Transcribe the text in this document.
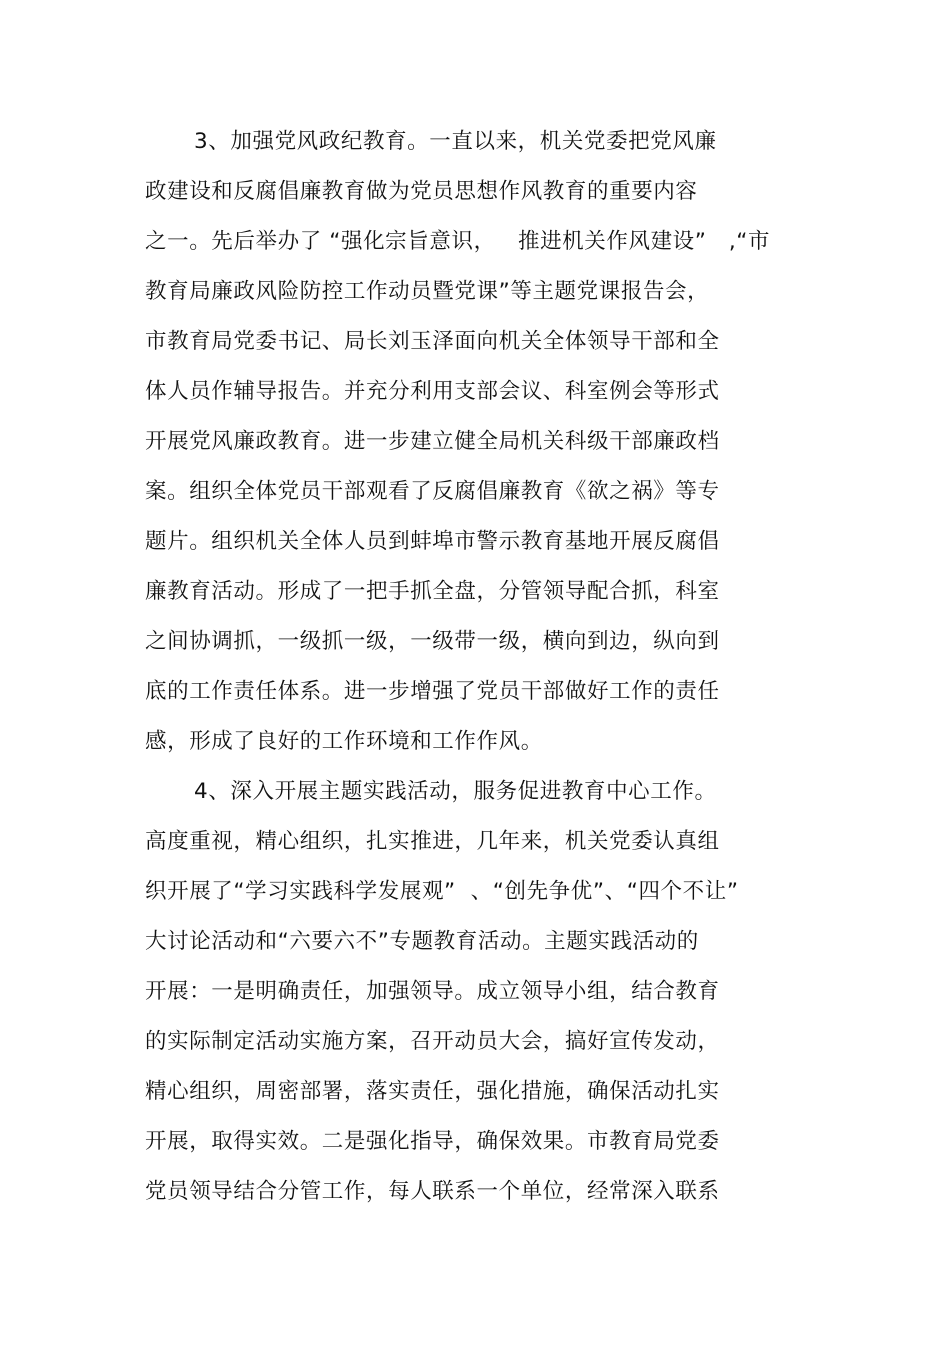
3、加强党风政纪教育。一直以来，机关党委把党风廉
政建设和反腐倡廉教育做为党员思想作风教育的重要内容
之一。先后举办了 “强化宗旨意识，   推进机关作风建设”   ,“市
教育局廉政风险防控工作动员暨党课”等主题党课报告会，
市教育局党委书记、局长刘玉泽面向机关全体领导干部和全
体人员作辅导报告。并充分利用支部会议、科室例会等形式
开展党风廉政教育。进一步建立健全局机关科级干部廉政档
案。组织全体党员干部观看了反腐倡廉教育《欲之祸》等专
题片。组织机关全体人员到蚌埠市警示教育基地开展反腐倡
廉教育活动。形成了一把手抓全盘，分管领导配合抓，科室
之间协调抓，一级抓一级，一级带一级，横向到边，纵向到
底的工作责任体系。进一步增强了党员干部做好工作的责任
感，形成了良好的工作环境和工作作风。
4、深入开展主题实践活动，服务促进教育中心工作。
高度重视，精心组织，扎实推进，几年来，机关党委认真组
织开展了“学习实践科学发展观”  、“创先争优”、“四个不让”
大讨论活动和“六要六不”专题教育活动。主题实践活动的
开展：一是明确责任，加强领导。成立领导小组，结合教育
的实际制定活动实施方案，召开动员大会，搞好宣传发动，
精心组织，周密部署，落实责任，强化措施，确保活动扎实
开展，取得实效。二是强化指导，确保效果。市教育局党委
党员领导结合分管工作，每人联系一个单位，经常深入联系
